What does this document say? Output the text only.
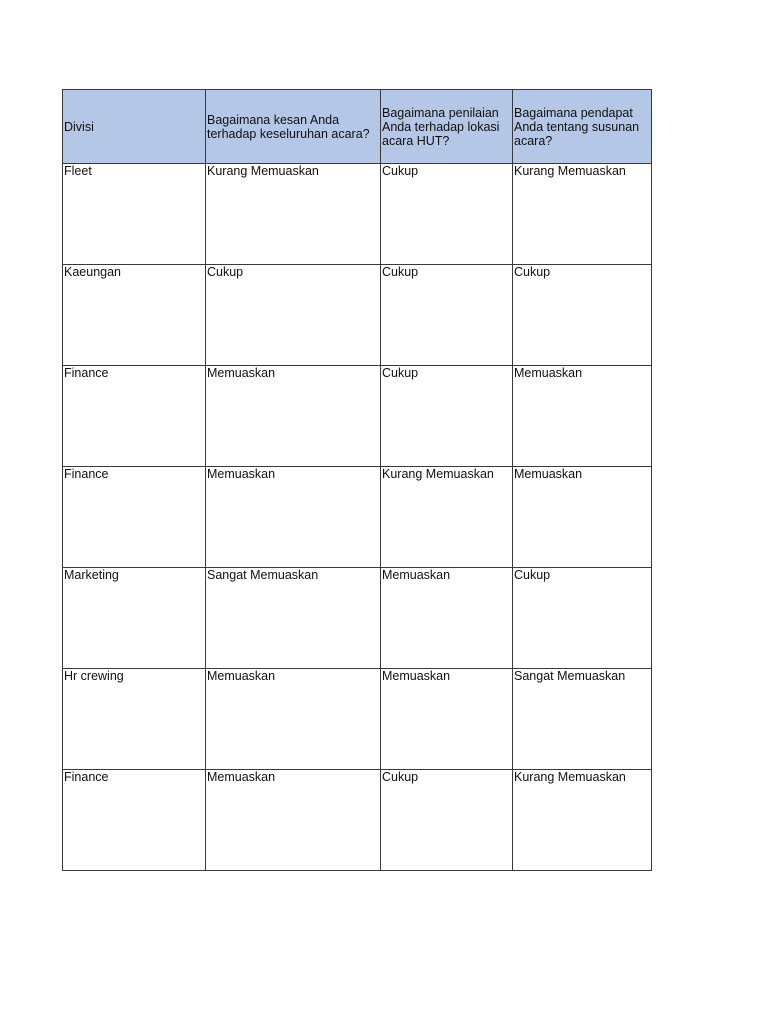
Divisi	Bagaimana kesan Anda terhadap keseluruhan acara?	Bagaimana penilaian Anda terhadap lokasi acara HUT?	Bagaimana pendapat Anda tentang susunan acara?
Fleet	Kurang Memuaskan	Cukup	Kurang Memuaskan
Kaeungan	Cukup	Cukup	Cukup
Finance	Memuaskan	Cukup	Memuaskan
Finance	Memuaskan	Kurang Memuaskan	Memuaskan
Marketing	Sangat Memuaskan	Memuaskan	Cukup
Hr crewing	Memuaskan	Memuaskan	Sangat Memuaskan
Finance	Memuaskan	Cukup	Kurang Memuaskan
